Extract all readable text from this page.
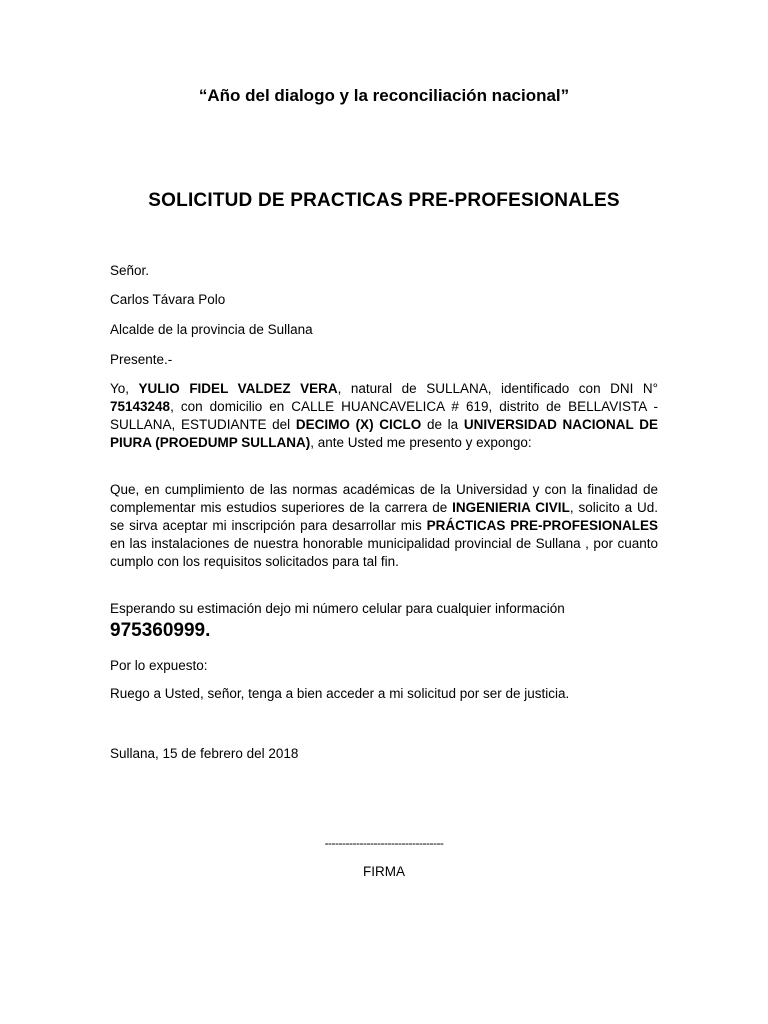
“Año del dialogo y la reconciliación nacional”
SOLICITUD DE PRACTICAS PRE-PROFESIONALES
Señor.
Carlos Távara Polo
Alcalde de la provincia de Sullana
Presente.-
Yo, YULIO FIDEL VALDEZ VERA, natural de SULLANA, identificado con DNI N° 75143248, con domicilio en CALLE HUANCAVELICA # 619, distrito de BELLAVISTA - SULLANA, ESTUDIANTE del DECIMO (X) CICLO de la UNIVERSIDAD NACIONAL DE PIURA (PROEDUMP SULLANA), ante Usted me presento y expongo:
Que, en cumplimiento de las normas académicas de la Universidad y con la finalidad de complementar mis estudios superiores de la carrera de INGENIERIA CIVIL, solicito a Ud. se sirva aceptar mi inscripción para desarrollar mis PRÁCTICAS PRE-PROFESIONALES en las instalaciones de nuestra honorable municipalidad provincial de Sullana , por cuanto cumplo con los requisitos solicitados para tal fin.
Esperando su estimación dejo mi número celular para cualquier información
975360999.
Por lo expuesto:
Ruego a Usted, señor, tenga a bien acceder a mi solicitud por ser de justicia.
Sullana, 15 de febrero del 2018
----------------------------------
FIRMA
